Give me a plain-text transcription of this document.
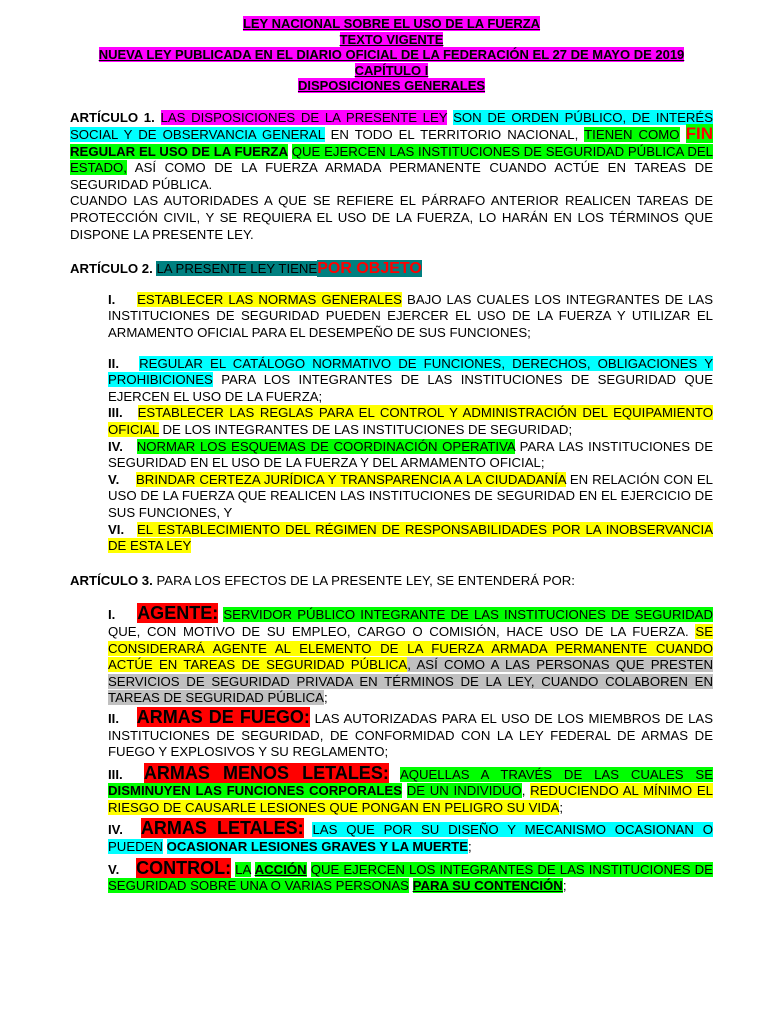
LEY NACIONAL SOBRE EL USO DE LA FUERZA
TEXTO VIGENTE
NUEVA LEY PUBLICADA EN EL DIARIO OFICIAL DE LA FEDERACIÓN EL 27 DE MAYO DE 2019
CAPÍTULO I
DISPOSICIONES GENERALES

ARTÍCULO 1. LAS DISPOSICIONES DE LA PRESENTE LEY SON DE ORDEN PÚBLICO, DE INTERÉS SOCIAL Y DE OBSERVANCIA GENERAL EN TODO EL TERRITORIO NACIONAL, TIENEN COMO FIN REGULAR EL USO DE LA FUERZA QUE EJERCEN LAS INSTITUCIONES DE SEGURIDAD PÚBLICA DEL ESTADO, ASÍ COMO DE LA FUERZA ARMADA PERMANENTE CUANDO ACTÚE EN TAREAS DE SEGURIDAD PÚBLICA.

CUANDO LAS AUTORIDADES A QUE SE REFIERE EL PÁRRAFO ANTERIOR REALICEN TAREAS DE PROTECCIÓN CIVIL, Y SE REQUIERA EL USO DE LA FUERZA, LO HARÁN EN LOS TÉRMINOS QUE DISPONE LA PRESENTE LEY.

ARTÍCULO 2. LA PRESENTE LEY TIENEPOR OBJETO

I. ESTABLECER LAS NORMAS GENERALES BAJO LAS CUALES LOS INTEGRANTES DE LAS INSTITUCIONES DE SEGURIDAD PUEDEN EJERCER EL USO DE LA FUERZA Y UTILIZAR EL ARMAMENTO OFICIAL PARA EL DESEMPEÑO DE SUS FUNCIONES;

II. REGULAR EL CATÁLOGO NORMATIVO DE FUNCIONES, DERECHOS, OBLIGACIONES Y PROHIBICIONES PARA LOS INTEGRANTES DE LAS INSTITUCIONES DE SEGURIDAD QUE EJERCEN EL USO DE LA FUERZA;

III. ESTABLECER LAS REGLAS PARA EL CONTROL Y ADMINISTRACIÓN DEL EQUIPAMIENTO OFICIAL DE LOS INTEGRANTES DE LAS INSTITUCIONES DE SEGURIDAD;

IV. NORMAR LOS ESQUEMAS DE COORDINACIÓN OPERATIVA PARA LAS INSTITUCIONES DE SEGURIDAD EN EL USO DE LA FUERZA Y DEL ARMAMENTO OFICIAL;

V. BRINDAR CERTEZA JURÍDICA Y TRANSPARENCIA A LA CIUDADANÍA EN RELACIÓN CON EL USO DE LA FUERZA QUE REALICEN LAS INSTITUCIONES DE SEGURIDAD EN EL EJERCICIO DE SUS FUNCIONES, Y

VI. EL ESTABLECIMIENTO DEL RÉGIMEN DE RESPONSABILIDADES POR LA INOBSERVANCIA DE ESTA LEY

ARTÍCULO 3. PARA LOS EFECTOS DE LA PRESENTE LEY, SE ENTENDERÁ POR:

I. AGENTE: SERVIDOR PÚBLICO INTEGRANTE DE LAS INSTITUCIONES DE SEGURIDAD QUE, CON MOTIVO DE SU EMPLEO, CARGO O COMISIÓN, HACE USO DE LA FUERZA. SE CONSIDERARÁ AGENTE AL ELEMENTO DE LA FUERZA ARMADA PERMANENTE CUANDO ACTÚE EN TAREAS DE SEGURIDAD PÚBLICA, ASÍ COMO A LAS PERSONAS QUE PRESTEN SERVICIOS DE SEGURIDAD PRIVADA EN TÉRMINOS DE LA LEY, CUANDO COLABOREN EN TAREAS DE SEGURIDAD PÚBLICA;

II. ARMAS DE FUEGO: LAS AUTORIZADAS PARA EL USO DE LOS MIEMBROS DE LAS INSTITUCIONES DE SEGURIDAD, DE CONFORMIDAD CON LA LEY FEDERAL DE ARMAS DE FUEGO Y EXPLOSIVOS Y SU REGLAMENTO;

III. ARMAS MENOS LETALES: AQUELLAS A TRAVÉS DE LAS CUALES SE DISMINUYEN LAS FUNCIONES CORPORALES DE UN INDIVIDUO, REDUCIENDO AL MÍNIMO EL RIESGO DE CAUSARLE LESIONES QUE PONGAN EN PELIGRO SU VIDA;

IV. ARMAS LETALES: LAS QUE POR SU DISEÑO Y MECANISMO OCASIONAN O PUEDEN OCASIONAR LESIONES GRAVES Y LA MUERTE;

V. CONTROL: LA ACCIÓN QUE EJERCEN LOS INTEGRANTES DE LAS INSTITUCIONES DE SEGURIDAD SOBRE UNA O VARIAS PERSONAS PARA SU CONTENCIÓN;
